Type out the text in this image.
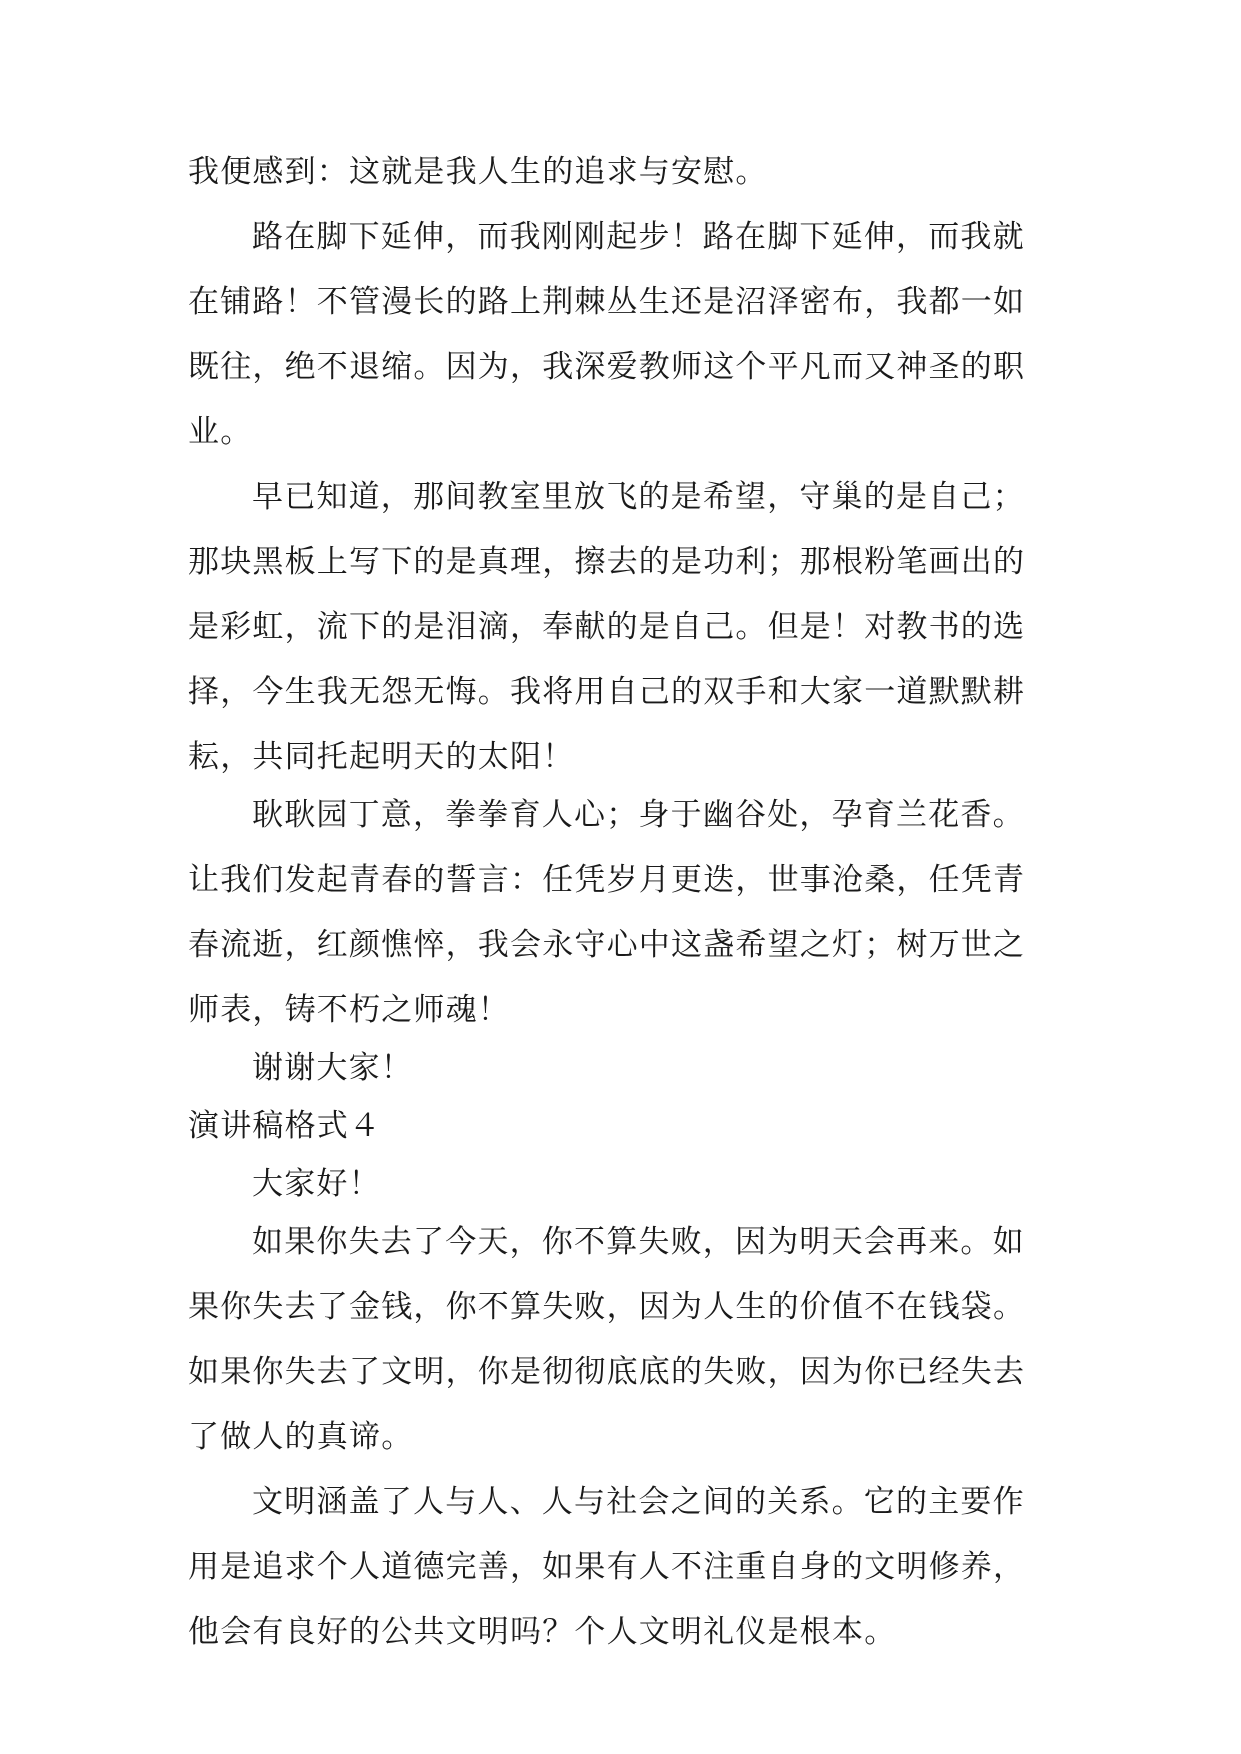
我便感到：这就是我人生的追求与安慰。

路在脚下延伸，而我刚刚起步！路在脚下延伸，而我就

在铺路！不管漫长的路上荆棘丛生还是沼泽密布，我都一如

既往，绝不退缩。因为，我深爱教师这个平凡而又神圣的职

业。

早已知道，那间教室里放飞的是希望，守巢的是自己；

那块黑板上写下的是真理，擦去的是功利；那根粉笔画出的

是彩虹，流下的是泪滴，奉献的是自己。但是！对教书的选

择，今生我无怨无悔。我将用自己的双手和大家一道默默耕

耘，共同托起明天的太阳！

耿耿园丁意，拳拳育人心；身于幽谷处，孕育兰花香。

让我们发起青春的誓言：任凭岁月更迭，世事沧桑，任凭青

春流逝，红颜憔悴，我会永守心中这盏希望之灯；树万世之

师表，铸不朽之师魂！

谢谢大家！

演讲稿格式４

大家好！

如果你失去了今天，你不算失败，因为明天会再来。如

果你失去了金钱，你不算失败，因为人生的价值不在钱袋。

如果你失去了文明，你是彻彻底底的失败，因为你已经失去

了做人的真谛。

文明涵盖了人与人、人与社会之间的关系。它的主要作

用是追求个人道德完善，如果有人不注重自身的文明修养，

他会有良好的公共文明吗？个人文明礼仪是根本。
